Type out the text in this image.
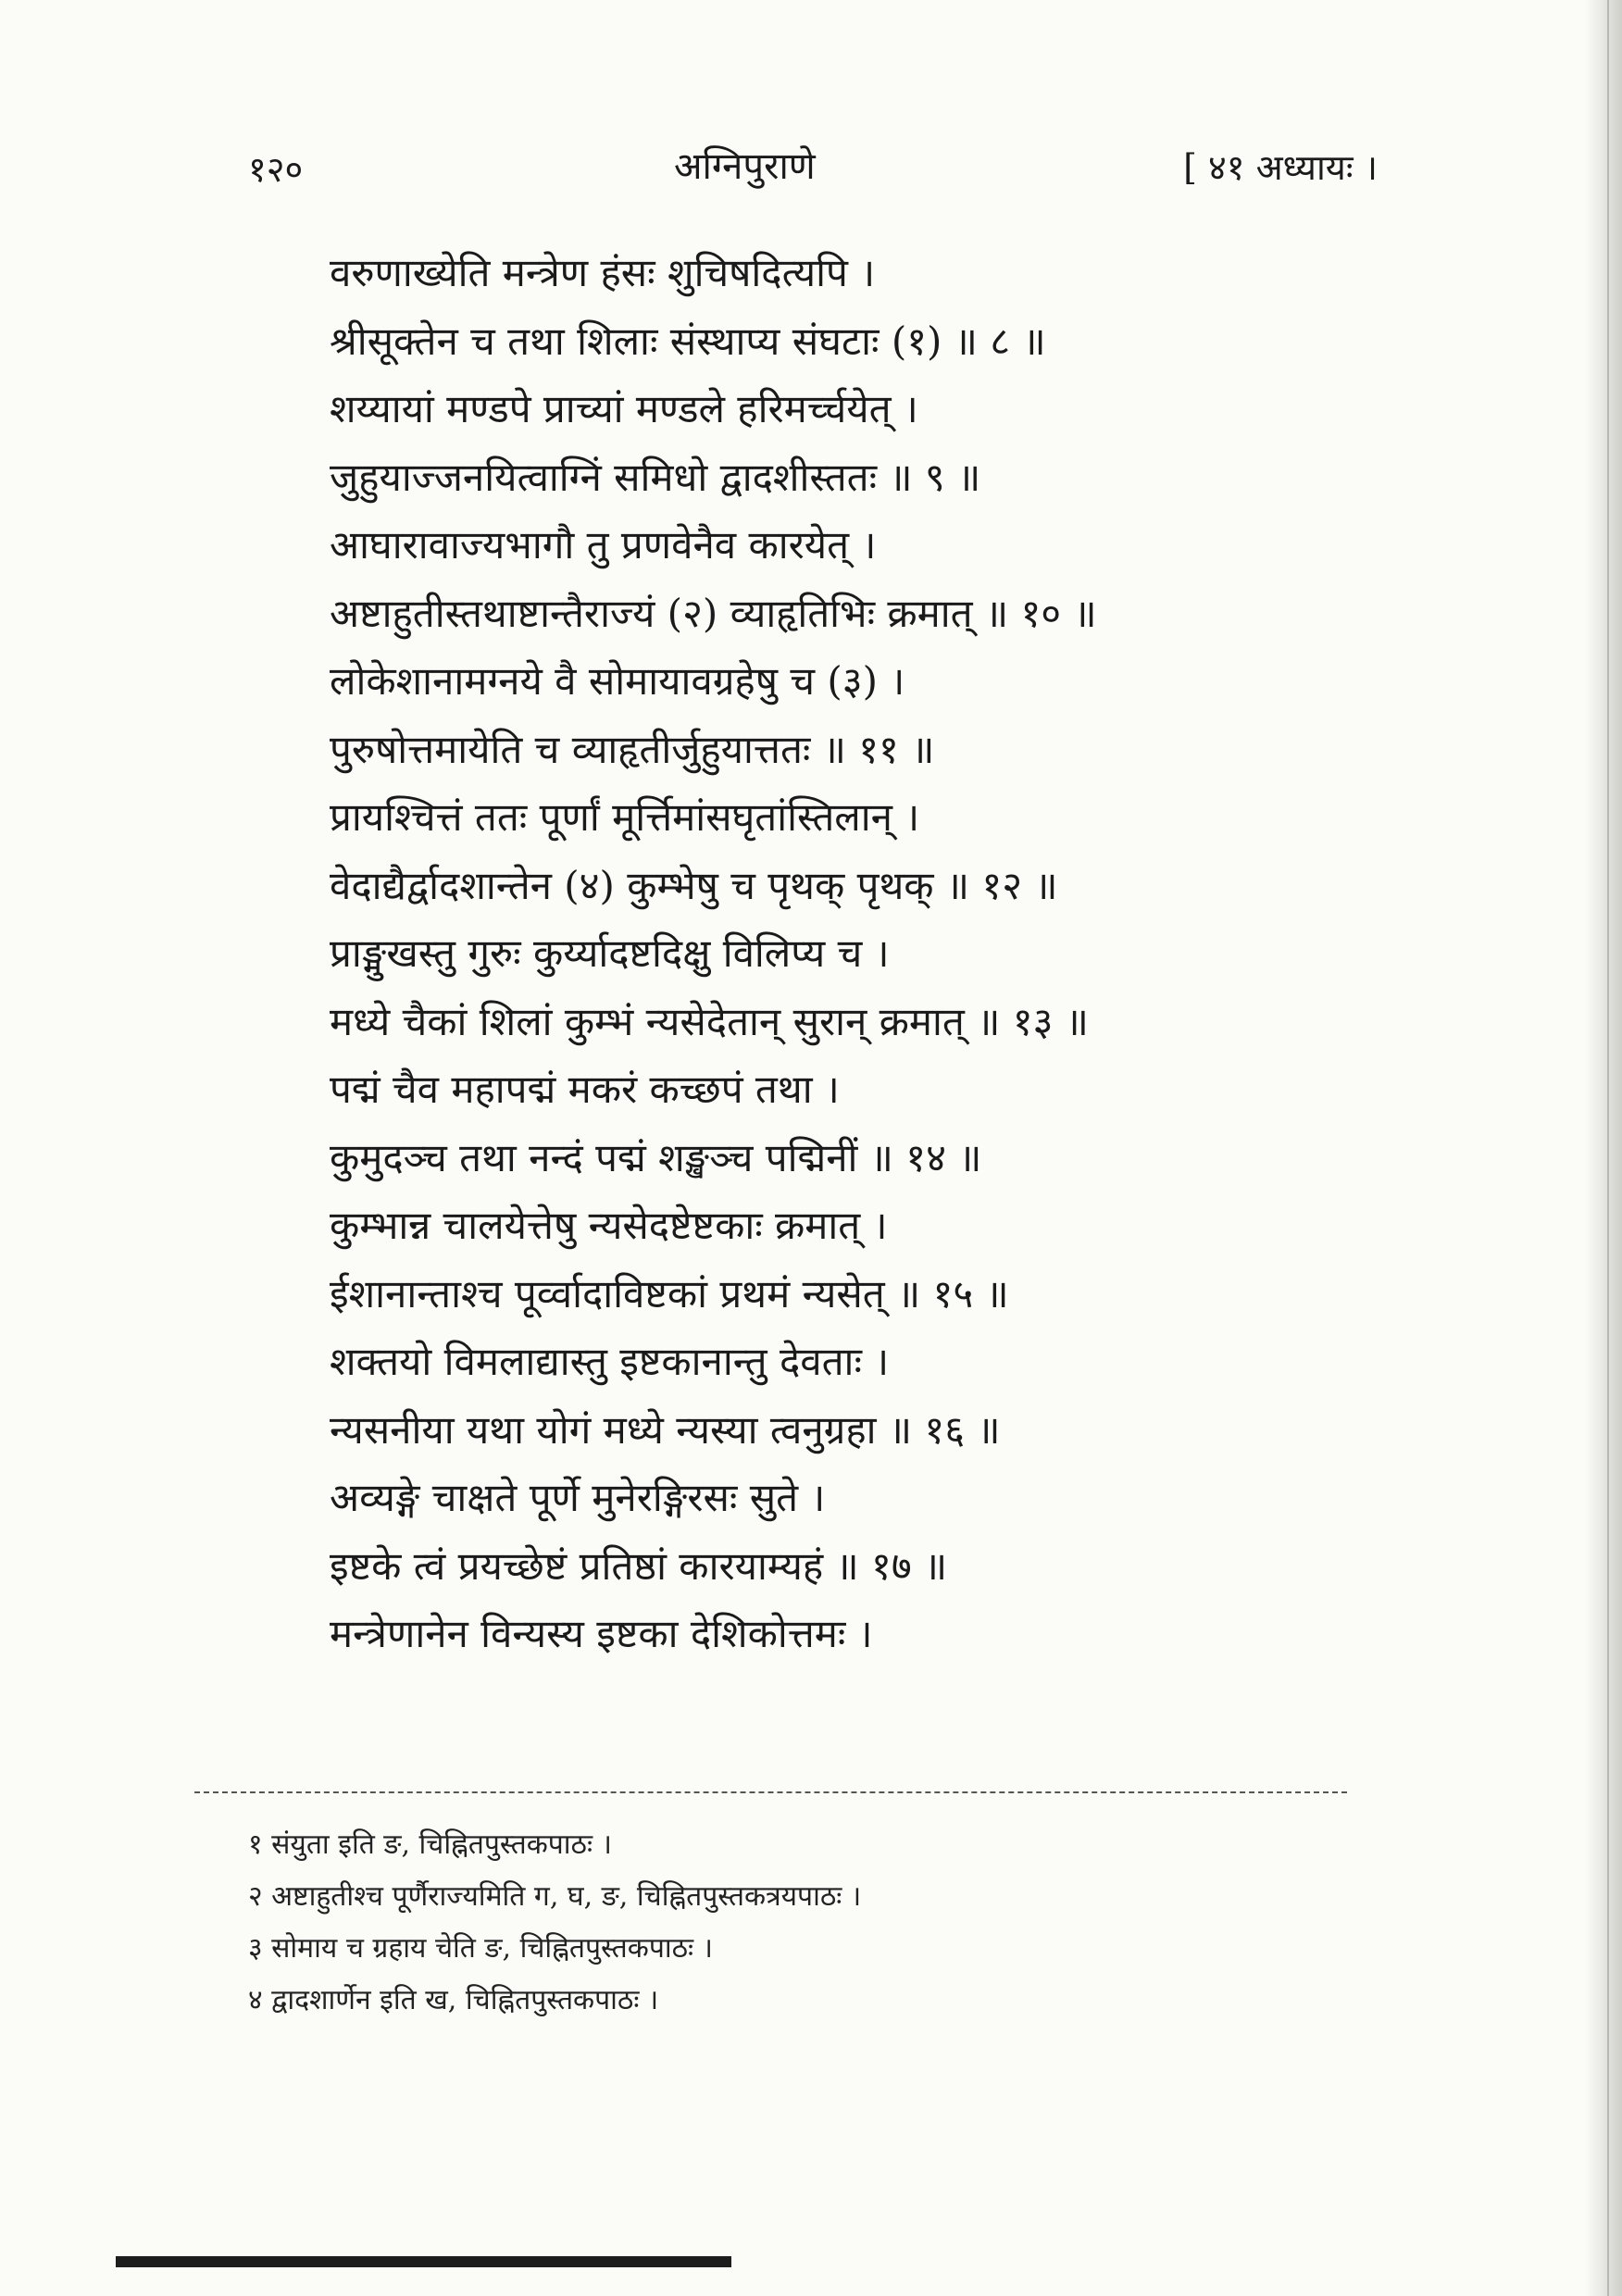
१२०	अग्निपुराणे	[ ४१ अध्यायः ।
वरुणाख्येति मन्त्रेण हंसः शुचिषदित्यपि ।
श्रीसूक्तेन च तथा शिलाः संस्थाप्य संघटाः (१) ॥ ८ ॥
शय्यायां मण्डपे प्राच्यां मण्डले हरिमर्च्चयेत् ।
जुहुयाज्जनयित्वाग्निं समिधो द्वादशीस्ततः ॥ ९ ॥
आघारावाज्यभागौ तु प्रणवेनैव कारयेत् ।
अष्टाहुतीस्तथाष्टान्तैराज्यं (२) व्याहृतिभिः क्रमात् ॥ १० ॥
लोकेशानामग्नये वै सोमायावग्रहेषु च (३) ।
पुरुषोत्तमायेति च व्याहृतीर्जुहुयात्ततः ॥ ११ ॥
प्रायश्चित्तं ततः पूर्णां मूर्त्तिमांसघृतांस्तिलान् ।
वेदाद्यैर्द्वादशान्तेन (४) कुम्भेषु च पृथक् पृथक् ॥ १२ ॥
प्राङ्मुखस्तु गुरुः कुर्य्यादष्टदिक्षु विलिप्य च ।
मध्ये चैकां शिलां कुम्भं न्यसेदेतान् सुरान् क्रमात् ॥ १३ ॥
पद्मं चैव महापद्मं मकरं कच्छपं तथा ।
कुमुदञ्च तथा नन्दं पद्मं शङ्खञ्च पद्मिनीं ॥ १४ ॥
कुम्भान्न चालयेत्तेषु न्यसेदष्टेष्टकाः क्रमात् ।
ईशानान्ताश्च पूर्व्वादाविष्टकां प्रथमं न्यसेत् ॥ १५ ॥
शक्तयो विमलाद्यास्तु इष्टकानान्तु देवताः ।
न्यसनीया यथा योगं मध्ये न्यस्या त्वनुग्रहा ॥ १६ ॥
अव्यङ्गे चाक्षते पूर्णे मुनेरङ्गिरसः सुते ।
इष्टके त्वं प्रयच्छेष्टं प्रतिष्ठां कारयाम्यहं ॥ १७ ॥
मन्त्रेणानेन विन्यस्य इष्टका देशिकोत्तमः ।
१ संयुता इति ङ, चिह्नितपुस्तकपाठः ।
२ अष्टाहुतीश्च पूर्णैराज्यमिति ग, घ, ङ, चिह्नितपुस्तकत्रयपाठः ।
३ सोमाय च ग्रहाय चेति ङ, चिह्नितपुस्तकपाठः ।
४ द्वादशार्णेन इति ख, चिह्नितपुस्तकपाठः ।
